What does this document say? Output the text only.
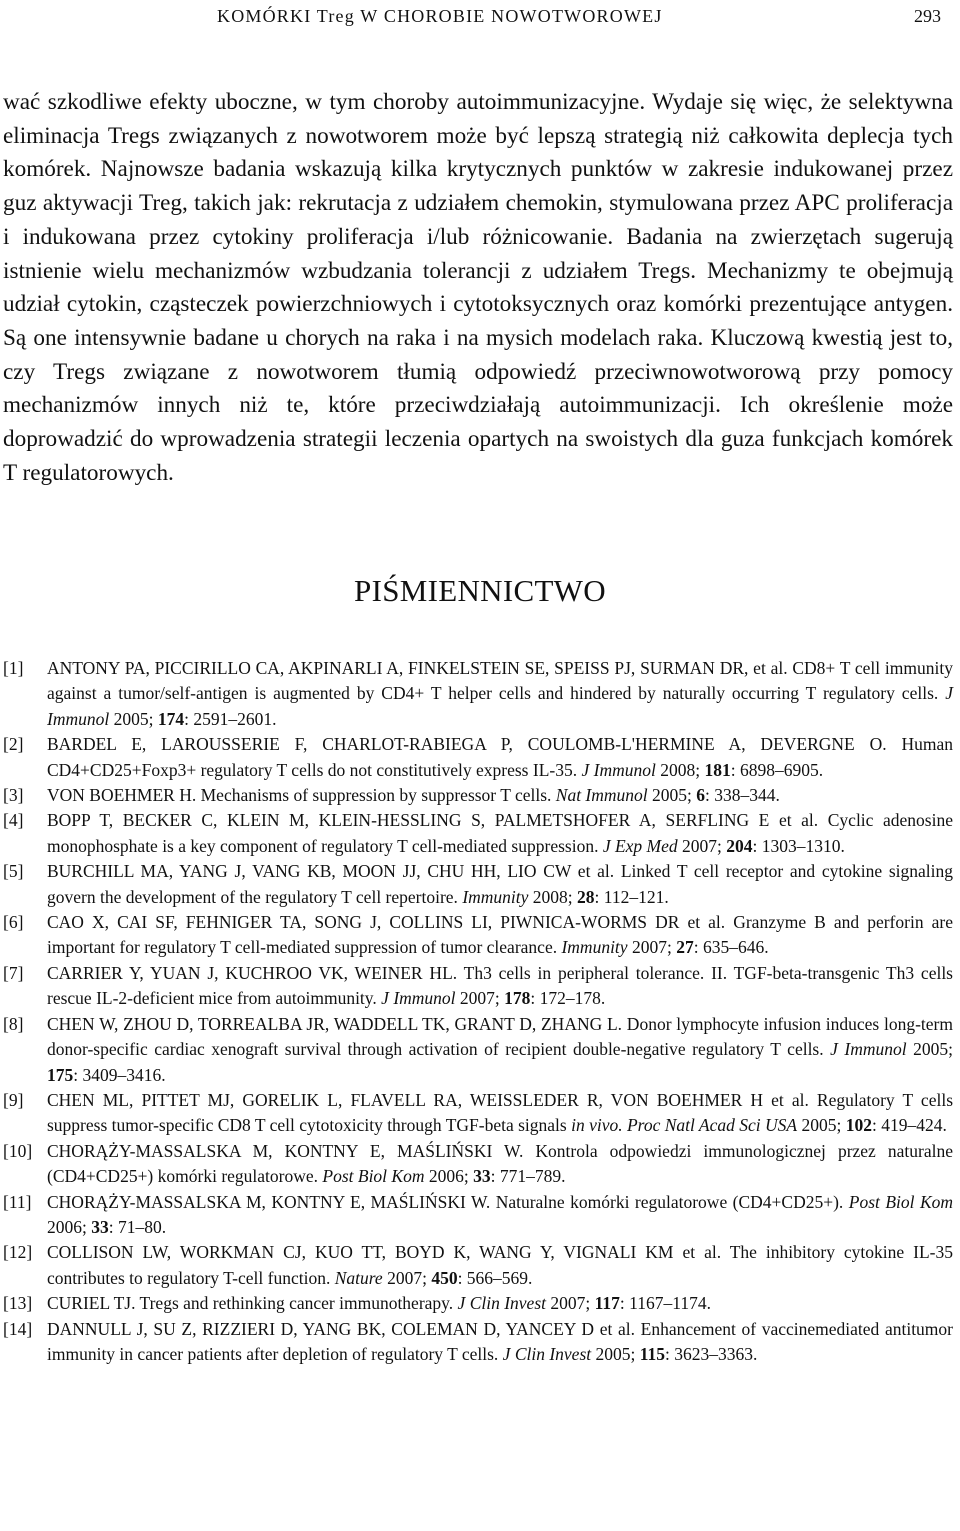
KOMÓRKI Treg W CHOROBIE NOWOTWOROWEJ	293

wać szkodliwe efekty uboczne, w tym choroby autoimmunizacyjne. Wydaje się więc, że selektywna eliminacja Tregs związanych z nowotworem może być lepszą strategią niż całkowita deplecja tych komórek. Najnowsze badania wskazują kilka krytycznych punktów w zakresie indukowanej przez guz aktywacji Treg, takich jak: rekrutacja z udziałem chemokin, stymulowana przez APC proliferacja i indukowana przez cytokiny proliferacja i/lub różnicowanie. Badania na zwierzętach sugerują istnienie wielu mechanizmów wzbudzania tolerancji z udziałem Tregs. Mechanizmy te obejmują udział cytokin, cząsteczek powierzchniowych i cytotoksycznych oraz komórki prezentujące antygen. Są one intensywnie badane u chorych na raka i na mysich modelach raka. Kluczową kwestią jest to, czy Tregs związane z nowotworem tłumią odpowiedź przeciwnowotworową przy pomocy mechanizmów innych niż te, które przeciwdziałają autoimmunizacji. Ich określenie może doprowadzić do wprowadzenia strategii leczenia opartych na swoistych dla guza funkcjach komórek T regulatorowych.

PIŚMIENNICTWO
[1]	ANTONY PA, PICCIRILLO CA, AKPINARLI A, FINKELSTEIN SE, SPEISS PJ, SURMAN DR, et al. CD8+ T cell immunity against a tumor/self-antigen is augmented by CD4+ T helper cells and hindered by naturally occurring T regulatory cells. J Immunol 2005; 174: 2591–2601.
[2]	BARDEL E, LAROUSSERIE F, CHARLOT-RABIEGA P, COULOMB-L'HERMINE A, DEVERGNE O. Human CD4+CD25+Foxp3+ regulatory T cells do not constitutively express IL-35. J Immunol 2008; 181: 6898–6905.
[3]	VON BOEHMER H. Mechanisms of suppression by suppressor T cells. Nat Immunol 2005; 6: 338–344.
[4]	BOPP T, BECKER C, KLEIN M, KLEIN-HESSLING S, PALMETSHOFER A, SERFLING E et al. Cyclic adenosine monophosphate is a key component of regulatory T cell-mediated suppression. J Exp Med 2007; 204: 1303–1310.
[5]	BURCHILL MA, YANG J, VANG KB, MOON JJ, CHU HH, LIO CW et al. Linked T cell receptor and cytokine signaling govern the development of the regulatory T cell repertoire. Immunity 2008; 28: 112–121.
[6]	CAO X, CAI SF, FEHNIGER TA, SONG J, COLLINS LI, PIWNICA-WORMS DR et al. Granzyme B and perforin are important for regulatory T cell-mediated suppression of tumor clearance. Immunity 2007; 27: 635–646.
[7]	CARRIER Y, YUAN J, KUCHROO VK, WEINER HL. Th3 cells in peripheral tolerance. II. TGF-beta-transgenic Th3 cells rescue IL-2-deficient mice from autoimmunity. J Immunol 2007; 178: 172–178.
[8]	CHEN W, ZHOU D, TORREALBA JR, WADDELL TK, GRANT D, ZHANG L. Donor lymphocyte infusion induces long-term donor-specific cardiac xenograft survival through activation of recipient double-negative regulatory T cells. J Immunol 2005; 175: 3409–3416.
[9]	CHEN ML, PITTET MJ, GORELIK L, FLAVELL RA, WEISSLEDER R, VON BOEHMER H et al. Regulatory T cells suppress tumor-specific CD8 T cell cytotoxicity through TGF-beta signals in vivo. Proc Natl Acad Sci USA 2005; 102: 419–424.
[10] CHORĄŻY-MASSALSKA M, KONTNY E, MAŚLIŃSKI W. Kontrola odpowiedzi immunologicznej przez naturalne (CD4+CD25+) komórki regulatorowe. Post Biol Kom 2006; 33: 771–789.
[11] CHORĄŻY-MASSALSKA M, KONTNY E, MAŚLIŃSKI W. Naturalne komórki regulatorowe (CD4+CD25+). Post Biol Kom 2006; 33: 71–80.
[12] COLLISON LW, WORKMAN CJ, KUO TT, BOYD K, WANG Y, VIGNALI KM et al. The inhibitory cytokine IL-35 contributes to regulatory T-cell function. Nature 2007; 450: 566–569.
[13] CURIEL TJ. Tregs and rethinking cancer immunotherapy. J Clin Invest 2007; 117: 1167–1174.
[14] DANNULL J, SU Z, RIZZIERI D, YANG BK, COLEMAN D, YANCEY D et al. Enhancement of vaccinemediated antitumor immunity in cancer patients after depletion of regulatory T cells. J Clin Invest 2005; 115: 3623–3363.
